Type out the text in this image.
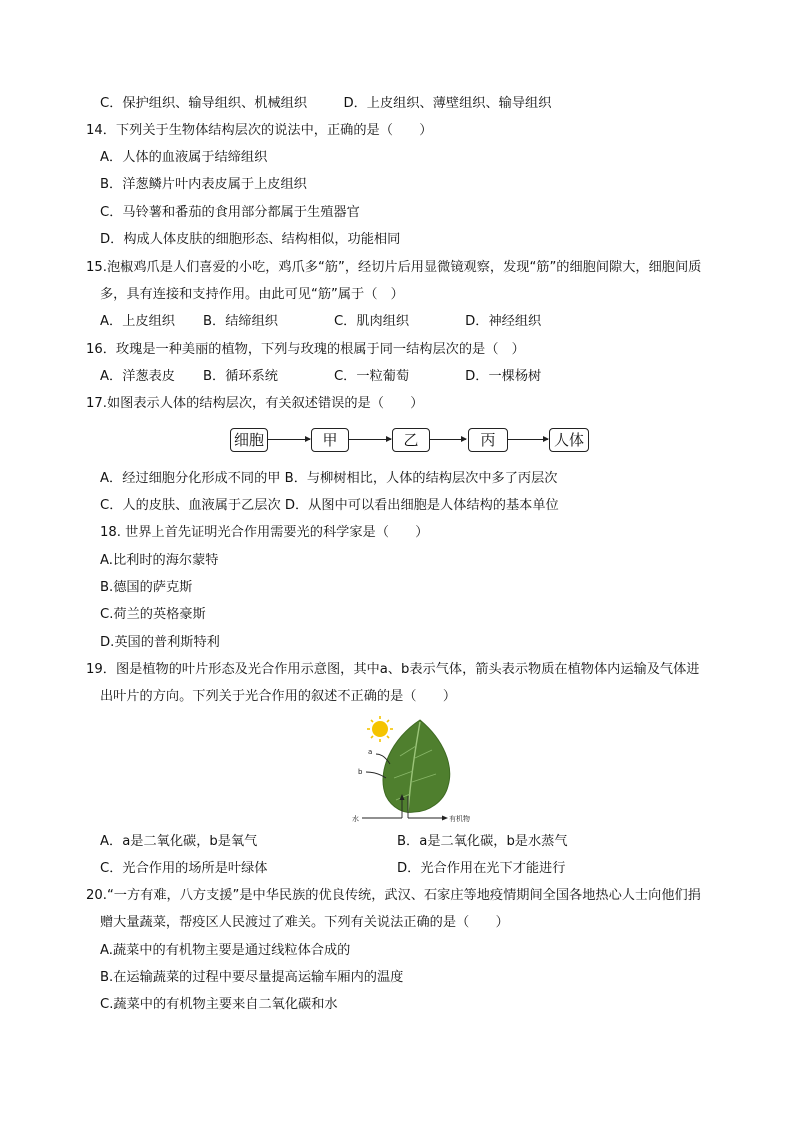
C．保护组织、输导组织、机械组织	D．上皮组织、薄壁组织、输导组织
14．下列关于生物体结构层次的说法中，正确的是（　　）
A．人体的血液属于结缔组织
B．洋葱鳞片叶内表皮属于上皮组织
C．马铃薯和番茄的食用部分都属于生殖器官
D．构成人体皮肤的细胞形态、结构相似，功能相同
15.泡椒鸡爪是人们喜爱的小吃，鸡爪多“筋”，经切片后用显微镜观察，发现“筋”的细胞间隙大，细胞间质
多，具有连接和支持作用。由此可见“筋”属于（　）
A．上皮组织 B．结缔组织	C．肌肉组织	D．神经组织
16．玫瑰是一种美丽的植物，下列与玫瑰的根属于同一结构层次的是（　）
A．洋葱表皮 B．循环系统	C．一粒葡萄	D．一棵杨树
17.如图表示人体的结构层次，有关叙述错误的是（　　）
细胞	甲	乙	丙	人体
A．经过细胞分化形成不同的甲 B．与柳树相比，人体的结构层次中多了丙层次
C．人的皮肤、血液属于乙层次 D．从图中可以看出细胞是人体结构的基本单位
18. 世界上首先证明光合作用需要光的科学家是（　　）
A.比利时的海尔蒙特
B.德国的萨克斯
C.荷兰的英格豪斯
D.英国的普利斯特利
19．图是植物的叶片形态及光合作用示意图，其中a、b表示气体，箭头表示物质在植物体内运输及气体进
出叶片的方向。下列关于光合作用的叙述不正确的是（　　）
a
b
水	有机物
A．a是二氧化碳，b是氧气	B．a是二氧化碳，b是水蒸气
C．光合作用的场所是叶绿体	D．光合作用在光下才能进行
20.“一方有难，八方支援”是中华民族的优良传统，武汉、石家庄等地疫情期间全国各地热心人士向他们捐
赠大量蔬菜，帮疫区人民渡过了难关。下列有关说法正确的是（　　）
A.蔬菜中的有机物主要是通过线粒体合成的
B.在运输蔬菜的过程中要尽量提高运输车厢内的温度
C.蔬菜中的有机物主要来自二氧化碳和水
